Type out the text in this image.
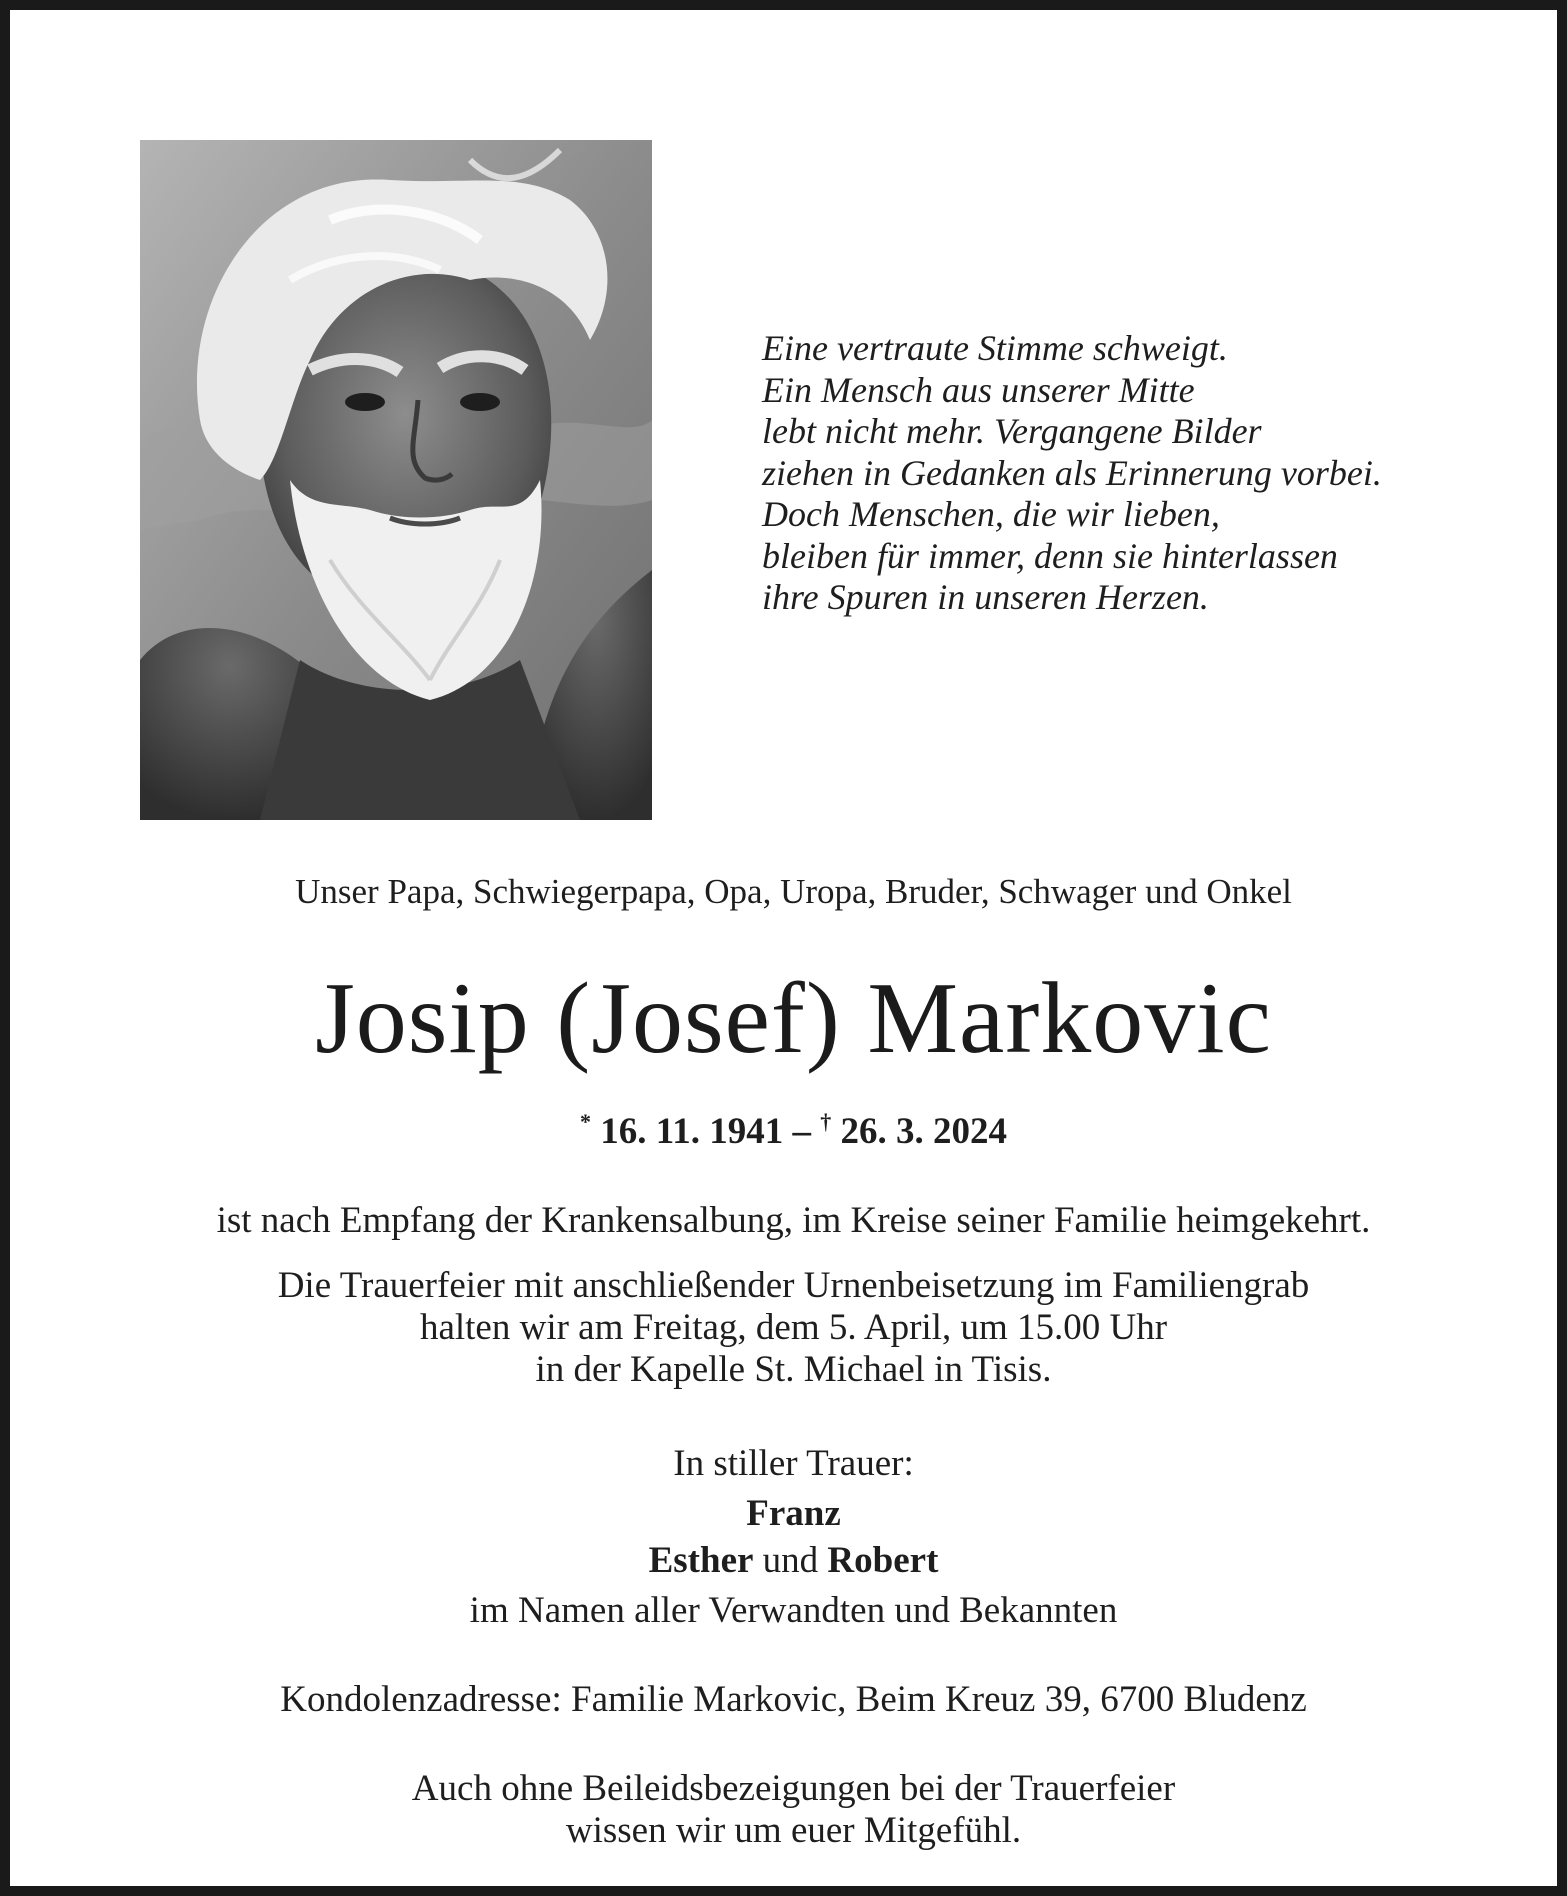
Eine vertraute Stimme schweigt.
Ein Mensch aus unserer Mitte
lebt nicht mehr. Vergangene Bilder
ziehen in Gedanken als Erinnerung vorbei.
Doch Menschen, die wir lieben,
bleiben für immer, denn sie hinterlassen
ihre Spuren in unseren Herzen.
Unser Papa, Schwiegerpapa, Opa, Uropa, Bruder, Schwager und Onkel
Josip (Josef) Markovic
* 16. 11. 1941 – † 26. 3. 2024
ist nach Empfang der Krankensalbung, im Kreise seiner Familie heimgekehrt.
Die Trauerfeier mit anschließender Urnenbeisetzung im Familiengrab
halten wir am Freitag, dem 5. April, um 15.00 Uhr
in der Kapelle St. Michael in Tisis.
In stiller Trauer:
Franz
Esther und Robert
im Namen aller Verwandten und Bekannten
Kondolenzadresse: Familie Markovic, Beim Kreuz 39, 6700 Bludenz
Auch ohne Beileidsbezeigungen bei der Trauerfeier
wissen wir um euer Mitgefühl.
